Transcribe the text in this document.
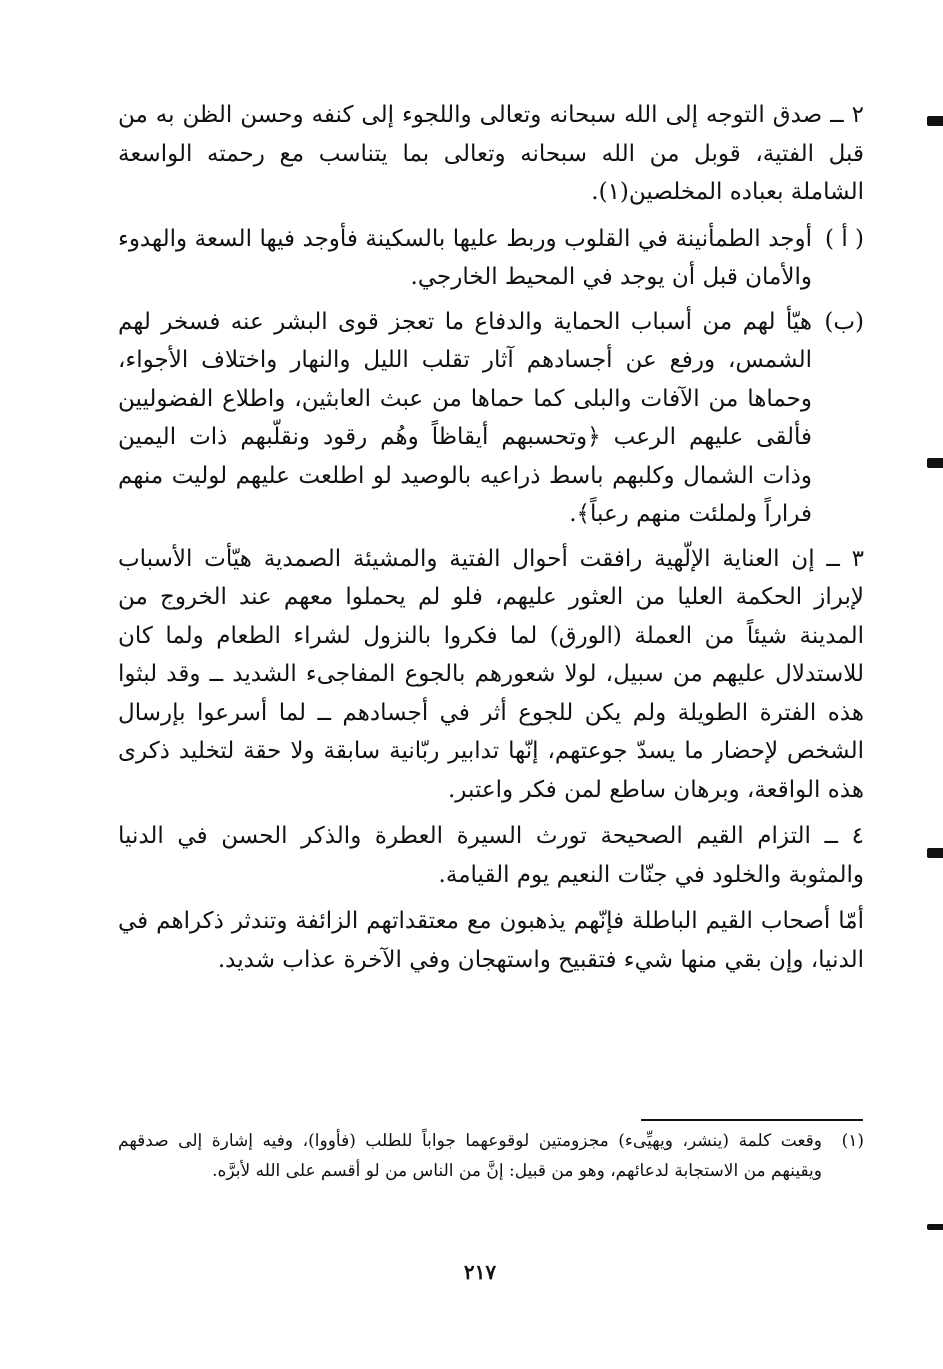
٢ ــ صدق التوجه إلى الله سبحانه وتعالى واللجوء إلى كنفه وحسن الظن به من قبل الفتية، قوبل من الله سبحانه وتعالى بما يتناسب مع رحمته الواسعة الشاملة بعباده المخلصين(١).

( أ )
أوجد الطمأنينة في القلوب وربط عليها بالسكينة فأوجد فيها السعة والهدوء والأمان قبل أن يوجد في المحيط الخارجي.
(ب)
هيّأ لهم من أسباب الحماية والدفاع ما تعجز قوى البشر عنه فسخر لهم الشمس، ورفع عن أجسادهم آثار تقلب الليل والنهار واختلاف الأجواء، وحماها من الآفات والبلى كما حماها من عبث العابثين، واطلاع الفضوليين فألقى عليهم الرعب ﴿وتحسبهم أيقاظاً وهُم رقود ونقلّبهم ذات اليمين وذات الشمال وكلبهم باسط ذراعيه بالوصيد لو اطلعت عليهم لوليت منهم فراراً ولملئت منهم رعباً﴾.

٣ ــ إن العناية الإلّهية رافقت أحوال الفتية والمشيئة الصمدية هيّأت الأسباب لإبراز الحكمة العليا من العثور عليهم، فلو لم يحملوا معهم عند الخروج من المدينة شيئاً من العملة (الورق) لما فكروا بالنزول لشراء الطعام ولما كان للاستدلال عليهم من سبيل، لولا شعورهم بالجوع المفاجىء الشديد ــ وقد لبثوا هذه الفترة الطويلة ولم يكن للجوع أثر في أجسادهم ــ لما أسرعوا بإرسال الشخص لإحضار ما يسدّ جوعتهم، إنّها تدابير ربّانية سابقة ولا حقة لتخليد ذكرى هذه الواقعة، وبرهان ساطع لمن فكر واعتبر.

٤ ــ التزام القيم الصحيحة تورث السيرة العطرة والذكر الحسن في الدنيا والمثوبة والخلود في جنّات النعيم يوم القيامة.

أمّا أصحاب القيم الباطلة فإنّهم يذهبون مع معتقداتهم الزائفة وتندثر ذكراهم في الدنيا، وإن بقي منها شيء فتقبيح واستهجان وفي الآخرة عذاب شديد.

(١)
وقعت كلمة (ينشر، ويهيِّىء) مجزومتين لوقوعهما جواباً للطلب (فأووا)، وفيه إشارة إلى صدقهم ويقينهم من الاستجابة لدعائهم، وهو من قبيل: إنَّ من الناس من لو أقسم على الله لأبرَّه.
٢١٧
